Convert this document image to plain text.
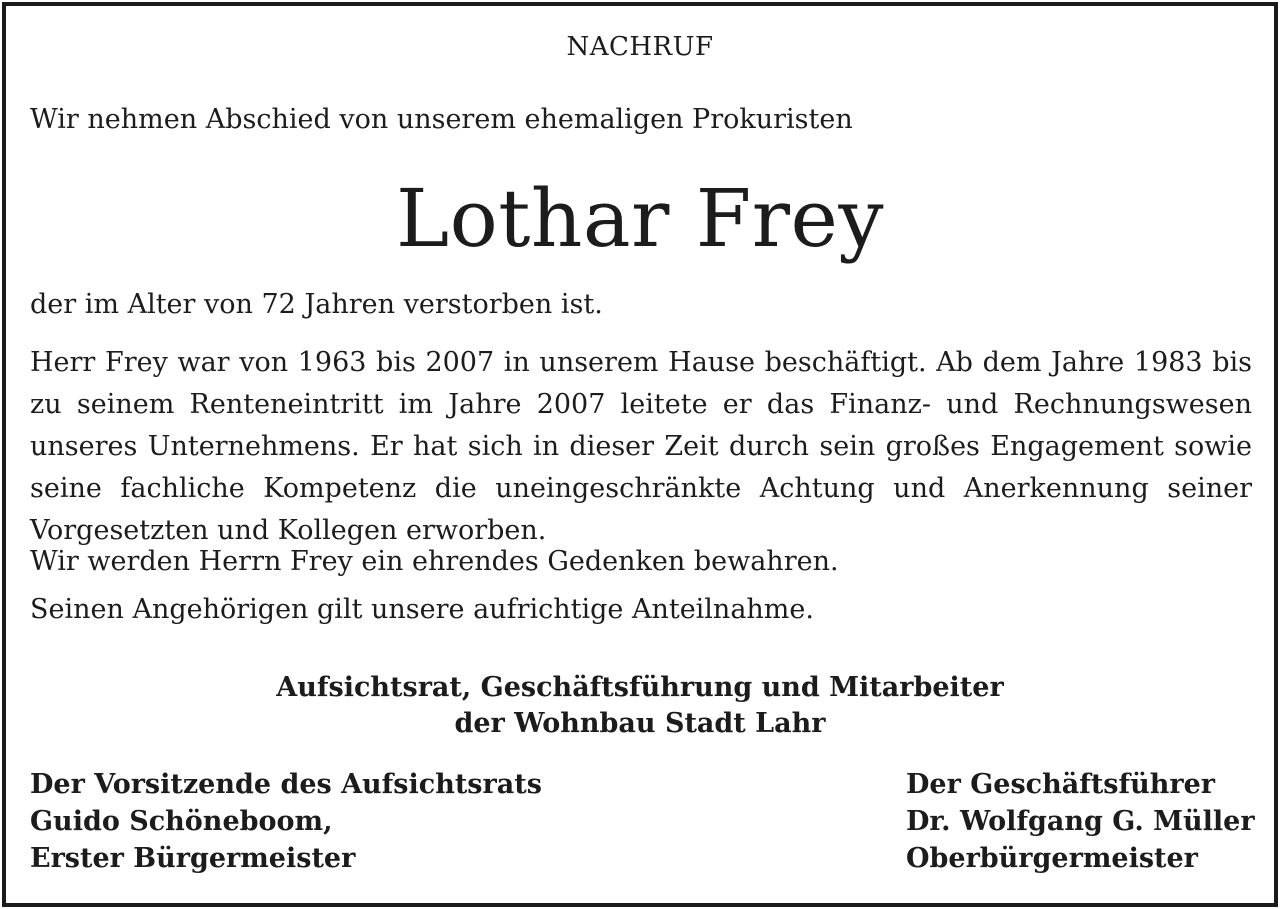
NACHRUF
Wir nehmen Abschied von unserem ehemaligen Prokuristen
Lothar Frey
der im Alter von 72 Jahren verstorben ist.

Herr Frey war von 1963 bis 2007 in unserem Hause beschäftigt. Ab dem Jahre 1983 bis zu seinem Renteneintritt im Jahre 2007 leitete er das Finanz- und Rechnungswesen unseres Unternehmens. Er hat sich in dieser Zeit durch sein großes Engagement sowie seine fachliche Kompetenz die uneingeschränkte Achtung und Anerkennung seiner Vorgesetzten und Kollegen erworben.

Wir werden Herrn Frey ein ehrendes Gedenken bewahren.
Seinen Angehörigen gilt unsere aufrichtige Anteilnahme.
Aufsichtsrat, Geschäftsführung und Mitarbeiter
der Wohnbau Stadt Lahr
Der Vorsitzende des Aufsichtsrats
Guido Schöneboom,
Erster Bürgermeister
Der Geschäftsführer
Dr. Wolfgang G. Müller
Oberbürgermeister
